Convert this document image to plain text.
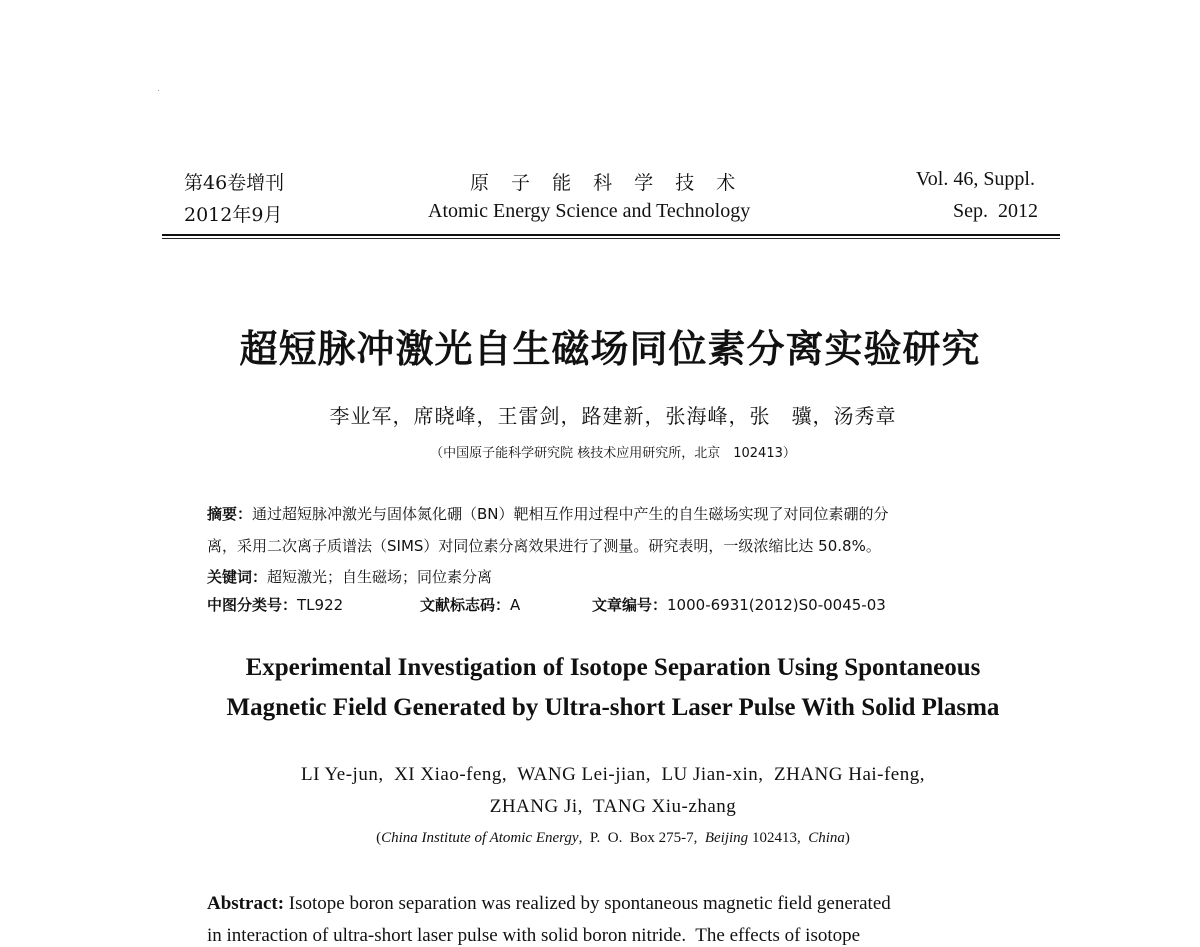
第46卷增刊
2012年9月
原 子 能 科 学 技 术
Atomic Energy Science and Technology
Vol. 46, Suppl.
Sep.  2012
超短脉冲激光自生磁场同位素分离实验研究
李业军，席晓峰，王雷剑，路建新，张海峰，张　骥，汤秀章
（中国原子能科学研究院 核技术应用研究所，北京　102413）
摘要：通过超短脉冲激光与固体氮化硼（BN）靶相互作用过程中产生的自生磁场实现了对同位素硼的分
离，采用二次离子质谱法（SIMS）对同位素分离效果进行了测量。研究表明，一级浓缩比达 50.8%。
关键词：超短激光；自生磁场；同位素分离
中图分类号：TL922	文献标志码：A	文章编号：1000-6931(2012)S0-0045-03
Experimental Investigation of Isotope Separation Using Spontaneous
Magnetic Field Generated by Ultra-short Laser Pulse With Solid Plasma
LI Ye-jun,  XI Xiao-feng,  WANG Lei-jian,  LU Jian-xin,  ZHANG Hai-feng,
ZHANG Ji,  TANG Xiu-zhang
(China Institute of Atomic Energy,  P.  O.  Box 275-7,  Beijing 102413,  China)
Abstract: Isotope boron separation was realized by spontaneous magnetic field generated
in interaction of ultra-short laser pulse with solid boron nitride.  The effects of isotope
